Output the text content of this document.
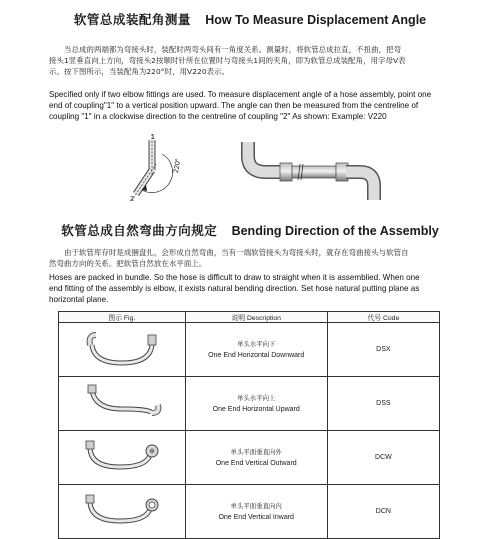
软管总成装配角测量 How To Measure Displacement Angle
当总成的两端都为弯接头时，装配时两弯头间有一角度关系。测量时，将软管总成拉直，不扭曲，把弯
接头1竖垂直向上方向，弯接头2按顺时针所在位置时与弯接头1间的夹角，即为软管总成装配角，用字母V表
示。按下图所示，当装配角为220°时，用V220表示。
Specified only if two elbow fittings are used. To measure displacement angle of a hose assembly, point one
end of coupling"1" to a vertical position upward. The angle can then be measured from the centreline of
coupling "1" in a clockwise direction to the centreline of coupling "2" As shown: Example: V220
1
2
220°
软管总成自然弯曲方向规定 Bending Direction of the Assembly
由于软管库存时是成捆盘扎，会形成自然弯曲，当有一端软管接头为弯接头时，就存在弯曲接头与软管自
然弯曲方向的关系。把软管自然放在水平面上。
Hoses are packed in bundle. So the hose is difficult to draw to straight when it is assemblied. When one
end fitting of the assembly is elbow, it exists natural bending direction. Set hose natural putting plane as
horizontal plane.
图示 Fig.	说明 Description	代号 Code

单头水平向下
One End Horizontal Downward	DSX

单头水平向上
One End Horizontal Upward	DSS

单头平面垂直向外
One End Vertical Outward	DCW

单头平面垂直向内
One End Vertical Inward	DCN
